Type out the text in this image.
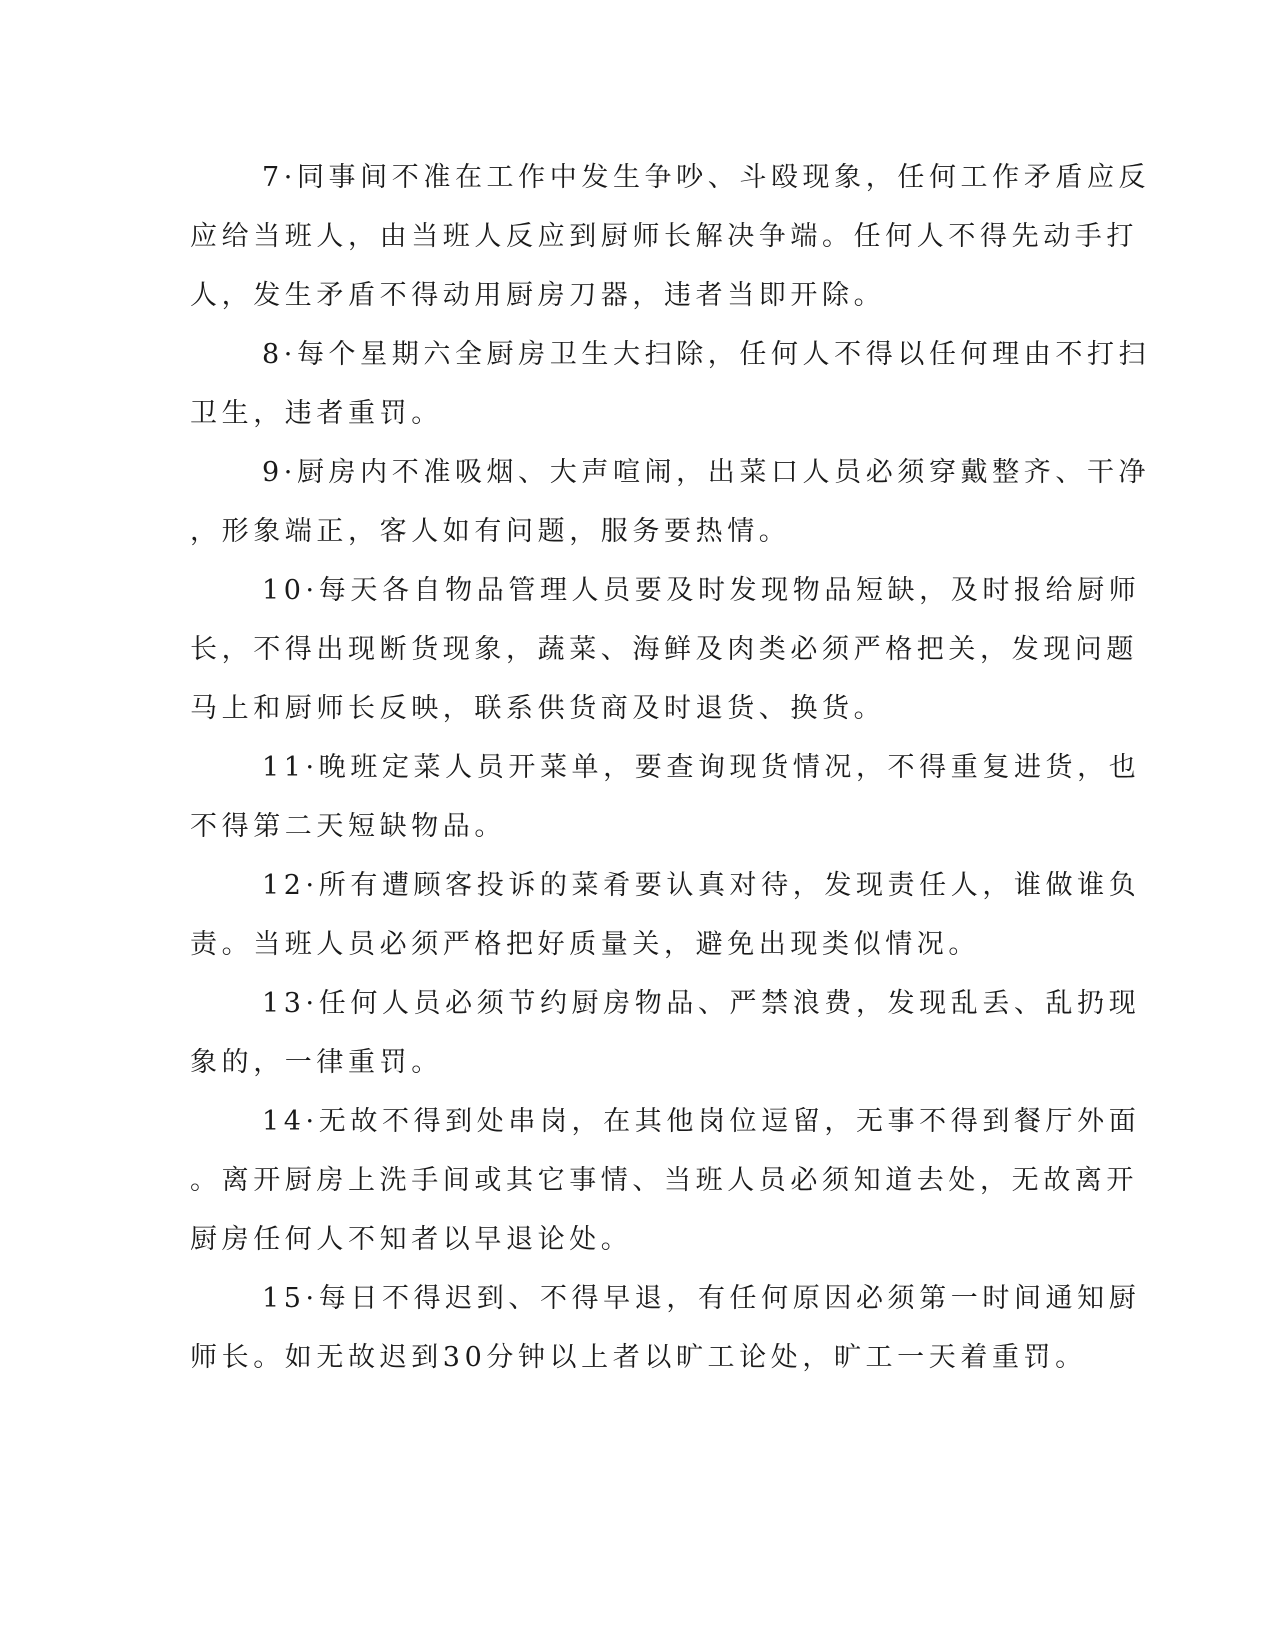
7·同事间不准在工作中发生争吵、斗殴现象，任何工作矛盾应反
应给当班人，由当班人反应到厨师长解决争端。任何人不得先动手打
人，发生矛盾不得动用厨房刀器，违者当即开除。
8·每个星期六全厨房卫生大扫除，任何人不得以任何理由不打扫
卫生，违者重罚。
9·厨房内不准吸烟、大声喧闹，出菜口人员必须穿戴整齐、干净
，形象端正，客人如有问题，服务要热情。
10·每天各自物品管理人员要及时发现物品短缺，及时报给厨师
长，不得出现断货现象，蔬菜、海鲜及肉类必须严格把关，发现问题
马上和厨师长反映，联系供货商及时退货、换货。
11·晚班定菜人员开菜单，要查询现货情况，不得重复进货，也
不得第二天短缺物品。
12·所有遭顾客投诉的菜肴要认真对待，发现责任人，谁做谁负
责。当班人员必须严格把好质量关，避免出现类似情况。
13·任何人员必须节约厨房物品、严禁浪费，发现乱丢、乱扔现
象的，一律重罚。
14·无故不得到处串岗，在其他岗位逗留，无事不得到餐厅外面
。离开厨房上洗手间或其它事情、当班人员必须知道去处，无故离开
厨房任何人不知者以早退论处。
15·每日不得迟到、不得早退，有任何原因必须第一时间通知厨
师长。如无故迟到30分钟以上者以旷工论处，旷工一天着重罚。
